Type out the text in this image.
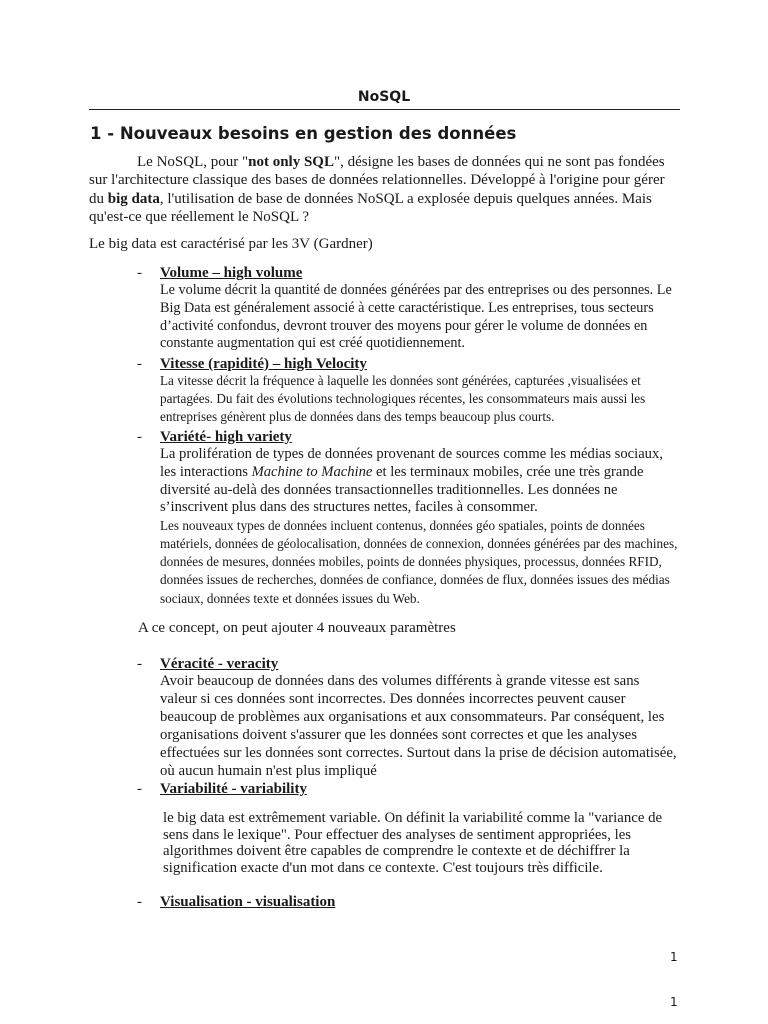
NoSQL
1 - Nouveaux besoins en gestion des données
Le NoSQL, pour "not only SQL", désigne les bases de données qui ne sont pas fondées sur l'architecture classique des bases de données relationnelles. Développé à l'origine pour gérer du big data, l'utilisation de base de données NoSQL a explosée depuis quelques années. Mais qu'est-ce que réellement le NoSQL ?
Le big data est caractérisé par les 3V (Gardner)
- Volume – high volume
Le volume décrit la quantité de données générées par des entreprises ou des personnes. Le Big Data est généralement associé à cette caractéristique. Les entreprises, tous secteurs d’activité confondus, devront trouver des moyens pour gérer le volume de données en constante augmentation qui est créé quotidiennement.
- Vitesse (rapidité) – high Velocity
La vitesse décrit la fréquence à laquelle les données sont générées, capturées ,visualisées et partagées. Du fait des évolutions technologiques récentes, les consommateurs mais aussi les entreprises génèrent plus de données dans des temps beaucoup plus courts.
- Variété- high variety
La prolifération de types de données provenant de sources comme les médias sociaux, les interactions Machine to Machine et les terminaux mobiles, crée une très grande diversité au-delà des données transactionnelles traditionnelles. Les données ne s’inscrivent plus dans des structures nettes, faciles à consommer.
Les nouveaux types de données incluent contenus, données géo spatiales, points de données matériels, données de géolocalisation, données de connexion, données générées par des machines, données de mesures, données mobiles, points de données physiques, processus, données RFID, données issues de recherches, données de confiance, données de flux, données issues des médias sociaux, données texte et données issues du Web.
A ce concept, on peut ajouter 4 nouveaux paramètres
- Véracité - veracity
Avoir beaucoup de données dans des volumes différents à grande vitesse est sans valeur si ces données sont incorrectes. Des données incorrectes peuvent causer beaucoup de problèmes aux organisations et aux consommateurs. Par conséquent, les organisations doivent s'assurer que les données sont correctes et que les analyses effectuées sur les données sont correctes. Surtout dans la prise de décision automatisée, où aucun humain n'est plus impliqué
- Variabilité - variability
le big data est extrêmement variable. On définit la variabilité comme la "variance de sens dans le lexique". Pour effectuer des analyses de sentiment appropriées, les algorithmes doivent être capables de comprendre le contexte et de déchiffrer la signification exacte d'un mot dans ce contexte. C'est toujours très difficile.
- Visualisation - visualisation
1
1
